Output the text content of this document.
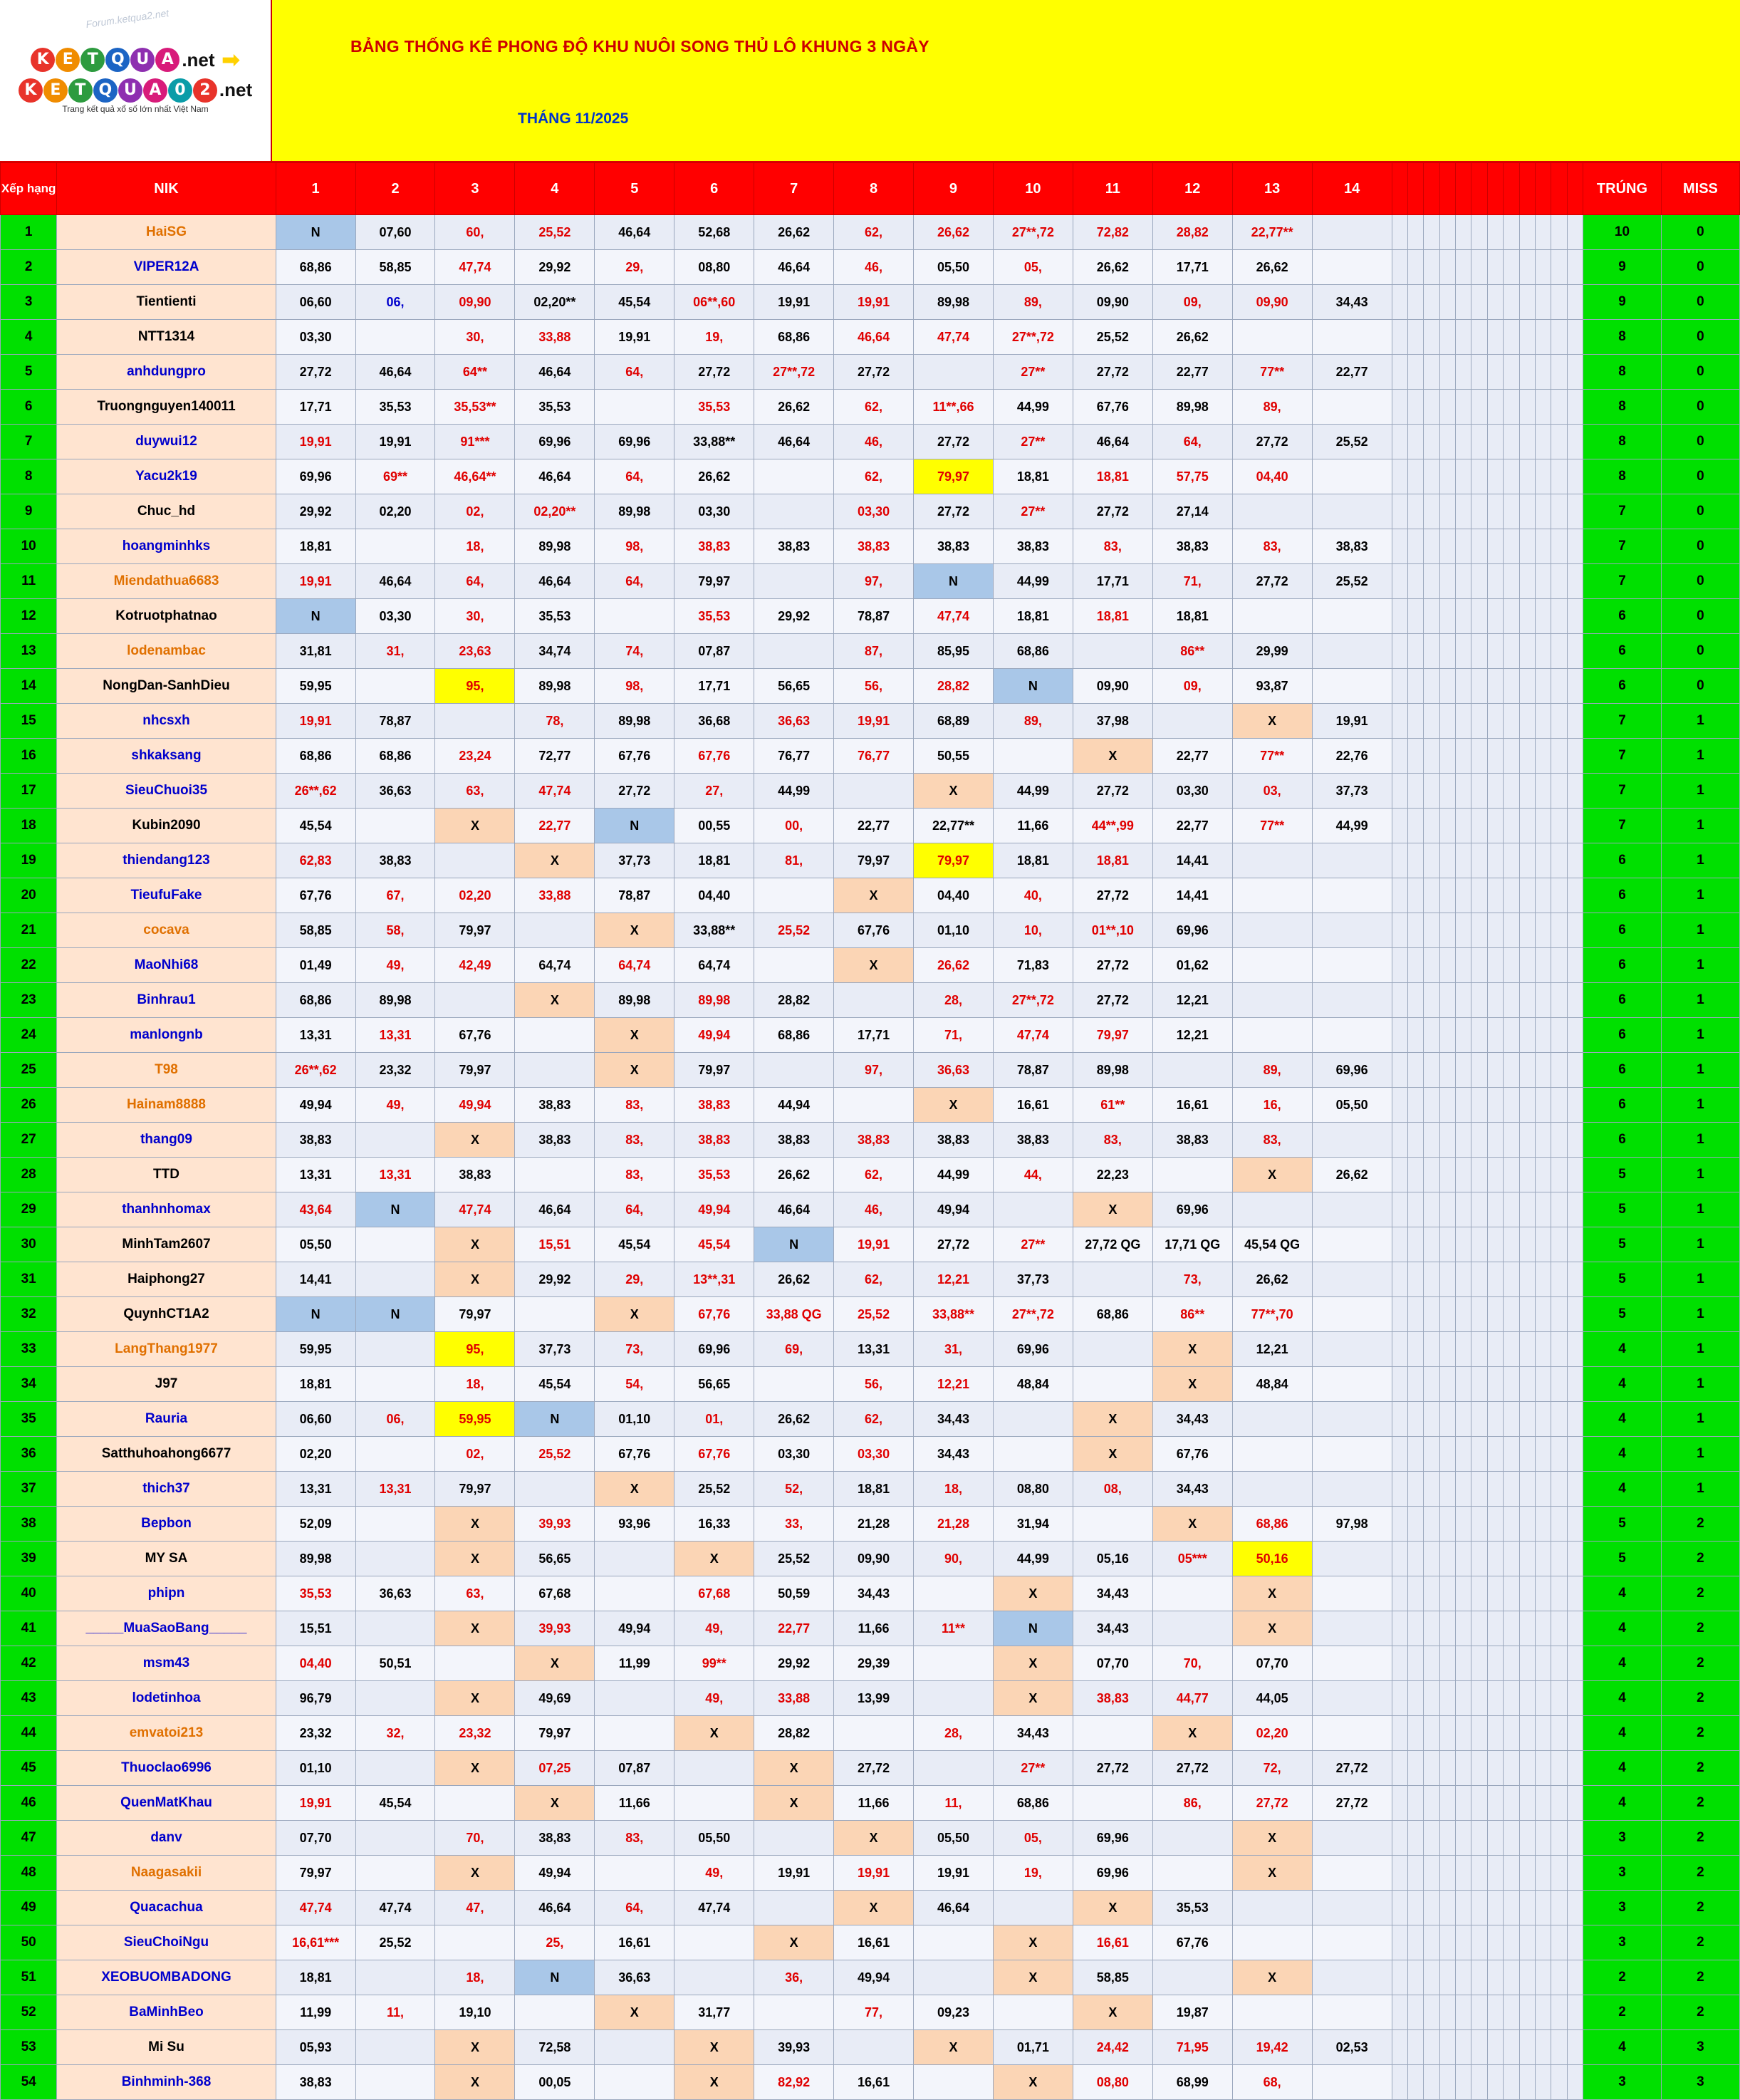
Forum.ketqua2.net
K E T Q U A .net ➡
K E T Q U A 0 2 .net
Trang kết quả xổ số lớn nhất Việt Nam
BẢNG THỐNG KÊ PHONG ĐỘ KHU NUÔI SONG THỦ LÔ KHUNG 3 NGÀY
THÁNG 11/2025
Xếp hạng	NIK	1	2	3	4	5	6	7	8	9	10	11	12	13	14													TRÚNG	MISS
1	HaiSG	N	07,60	60,	25,52	46,64	52,68	26,62	62,	26,62	27**,72	72,82	28,82	22,77**														10	0
2	VIPER12A	68,86	58,85	47,74	29,92	29,	08,80	46,64	46,	05,50	05,	26,62	17,71	26,62														9	0
3	Tientienti	06,60	06,	09,90	02,20**	45,54	06**,60	19,91	19,91	89,98	89,	09,90	09,	09,90	34,43													9	0
4	NTT1314	03,30		30,	33,88	19,91	19,	68,86	46,64	47,74	27**,72	25,52	26,62															8	0
5	anhdungpro	27,72	46,64	64**	46,64	64,	27,72	27**,72	27,72		27**	27,72	22,77	77**	22,77													8	0
6	Truongnguyen140011	17,71	35,53	35,53**	35,53		35,53	26,62	62,	11**,66	44,99	67,76	89,98	89,														8	0
7	duywui12	19,91	19,91	91***	69,96	69,96	33,88**	46,64	46,	27,72	27**	46,64	64,	27,72	25,52													8	0
8	Yacu2k19	69,96	69**	46,64**	46,64	64,	26,62		62,	79,97	18,81	18,81	57,75	04,40														8	0
9	Chuc_hd	29,92	02,20	02,	02,20**	89,98	03,30		03,30	27,72	27**	27,72	27,14															7	0
10	hoangminhks	18,81		18,	89,98	98,	38,83	38,83	38,83	38,83	38,83	83,	38,83	83,	38,83													7	0
11	Miendathua6683	19,91	46,64	64,	46,64	64,	79,97		97,	N	44,99	17,71	71,	27,72	25,52													7	0
12	Kotruotphatnao	N	03,30	30,	35,53		35,53	29,92	78,87	47,74	18,81	18,81	18,81															6	0
13	lodenambac	31,81	31,	23,63	34,74	74,	07,87		87,	85,95	68,86		86**	29,99														6	0
14	NongDan-SanhDieu	59,95		95,	89,98	98,	17,71	56,65	56,	28,82	N	09,90	09,	93,87														6	0
15	nhcsxh	19,91	78,87		78,	89,98	36,68	36,63	19,91	68,89	89,	37,98		X	19,91													7	1
16	shkaksang	68,86	68,86	23,24	72,77	67,76	67,76	76,77	76,77	50,55		X	22,77	77**	22,76													7	1
17	SieuChuoi35	26**,62	36,63	63,	47,74	27,72	27,	44,99		X	44,99	27,72	03,30	03,	37,73													7	1
18	Kubin2090	45,54		X	22,77	N	00,55	00,	22,77	22,77**	11,66	44**,99	22,77	77**	44,99													7	1
19	thiendang123	62,83	38,83		X	37,73	18,81	81,	79,97	79,97	18,81	18,81	14,41															6	1
20	TieufuFake	67,76	67,	02,20	33,88	78,87	04,40		X	04,40	40,	27,72	14,41															6	1
21	cocava	58,85	58,	79,97		X	33,88**	25,52	67,76	01,10	10,	01**,10	69,96															6	1
22	MaoNhi68	01,49	49,	42,49	64,74	64,74	64,74		X	26,62	71,83	27,72	01,62															6	1
23	Binhrau1	68,86	89,98		X	89,98	89,98	28,82		28,	27**,72	27,72	12,21															6	1
24	manlongnb	13,31	13,31	67,76		X	49,94	68,86	17,71	71,	47,74	79,97	12,21															6	1
25	T98	26**,62	23,32	79,97		X	79,97		97,	36,63	78,87	89,98		89,	69,96													6	1
26	Hainam8888	49,94	49,	49,94	38,83	83,	38,83	44,94		X	16,61	61**	16,61	16,	05,50													6	1
27	thang09	38,83		X	38,83	83,	38,83	38,83	38,83	38,83	38,83	83,	38,83	83,														6	1
28	TTD	13,31	13,31	38,83		83,	35,53	26,62	62,	44,99	44,	22,23		X	26,62													5	1
29	thanhnhomax	43,64	N	47,74	46,64	64,	49,94	46,64	46,	49,94		X	69,96															5	1
30	MinhTam2607	05,50		X	15,51	45,54	45,54	N	19,91	27,72	27**	27,72 QG	17,71 QG	45,54 QG														5	1
31	Haiphong27	14,41		X	29,92	29,	13**,31	26,62	62,	12,21	37,73		73,	26,62														5	1
32	QuynhCT1A2	N	N	79,97		X	67,76	33,88 QG	25,52	33,88**	27**,72	68,86	86**	77**,70														5	1
33	LangThang1977	59,95		95,	37,73	73,	69,96	69,	13,31	31,	69,96		X	12,21														4	1
34	J97	18,81		18,	45,54	54,	56,65		56,	12,21	48,84		X	48,84														4	1
35	Rauria	06,60	06,	59,95	N	01,10	01,	26,62	62,	34,43		X	34,43															4	1
36	Satthuhoahong6677	02,20		02,	25,52	67,76	67,76	03,30	03,30	34,43		X	67,76															4	1
37	thich37	13,31	13,31	79,97		X	25,52	52,	18,81	18,	08,80	08,	34,43															4	1
38	Bepbon	52,09		X	39,93	93,96	16,33	33,	21,28	21,28	31,94		X	68,86	97,98													5	2
39	MY SA	89,98		X	56,65		X	25,52	09,90	90,	44,99	05,16	05***	50,16														5	2
40	phipn	35,53	36,63	63,	67,68		67,68	50,59	34,43		X	34,43		X														4	2
41	_____MuaSaoBang_____	15,51		X	39,93	49,94	49,	22,77	11,66	11**	N	34,43		X														4	2
42	msm43	04,40	50,51		X	11,99	99**	29,92	29,39		X	07,70	70,	07,70														4	2
43	lodetinhoa	96,79		X	49,69		49,	33,88	13,99		X	38,83	44,77	44,05														4	2
44	emvatoi213	23,32	32,	23,32	79,97		X	28,82		28,	34,43		X	02,20														4	2
45	Thuoclao6996	01,10		X	07,25	07,87		X	27,72		27**	27,72	27,72	72,	27,72													4	2
46	QuenMatKhau	19,91	45,54		X	11,66		X	11,66	11,	68,86		86,	27,72	27,72													4	2
47	danv	07,70		70,	38,83	83,	05,50		X	05,50	05,	69,96		X														3	2
48	Naagasakii	79,97		X	49,94		49,	19,91	19,91	19,91	19,	69,96		X														3	2
49	Quacachua	47,74	47,74	47,	46,64	64,	47,74		X	46,64		X	35,53															3	2
50	SieuChoiNgu	16,61***	25,52		25,	16,61		X	16,61		X	16,61	67,76															3	2
51	XEOBUOMBADONG	18,81		18,	N	36,63		36,	49,94		X	58,85		X														2	2
52	BaMinhBeo	11,99	11,	19,10		X	31,77		77,	09,23		X	19,87															2	2
53	Mi Su	05,93		X	72,58		X	39,93		X	01,71	24,42	71,95	19,42	02,53													4	3
54	Binhminh-368	38,83		X	00,05		X	82,92	16,61		X	08,80	68,99	68,														3	3
